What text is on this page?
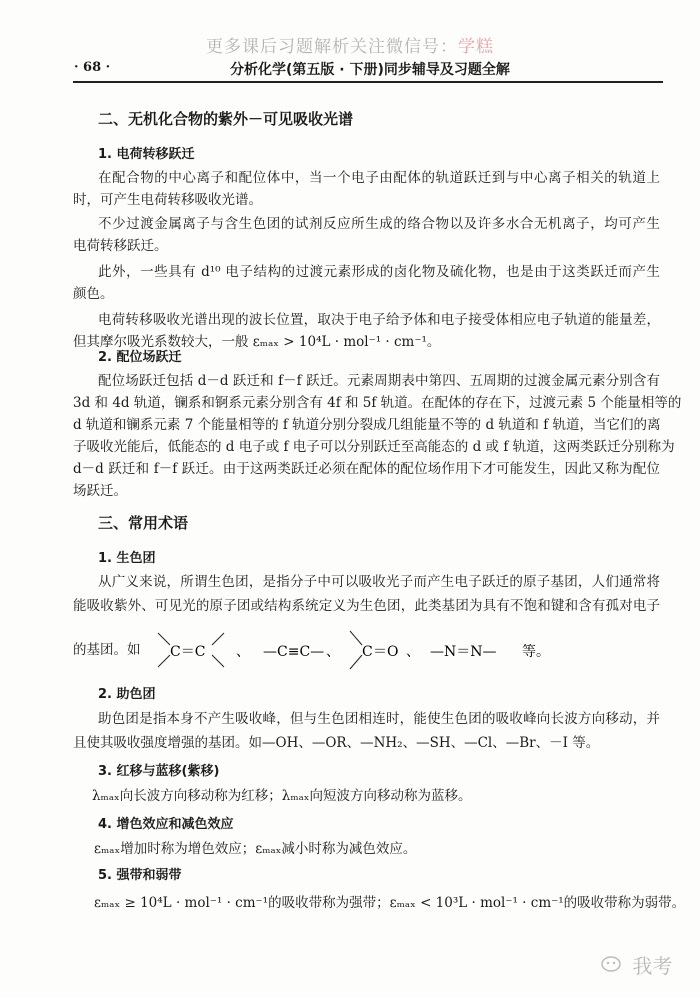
更多课后习题解析关注微信号：学糕
· 68 ·	分析化学(第五版 · 下册)同步辅导及习题全解
二、无机化合物的紫外－可见吸收光谱
1. 电荷转移跃迁
在配合物的中心离子和配位体中，当一个电子由配体的轨道跃迁到与中心离子相关的轨道上
时，可产生电荷转移吸收光谱。
不少过渡金属离子与含生色团的试剂反应所生成的络合物以及许多水合无机离子，均可产生
电荷转移跃迁。
此外，一些具有 d¹⁰ 电子结构的过渡元素形成的卤化物及硫化物，也是由于这类跃迁而产生
颜色。
电荷转移吸收光谱出现的波长位置，取决于电子给予体和电子接受体相应电子轨道的能量差，
但其摩尔吸光系数较大，一般 εₘₐₓ > 10⁴L · mol⁻¹ · cm⁻¹。
2. 配位场跃迁
配位场跃迁包括 d－d 跃迁和 f－f 跃迁。元素周期表中第四、五周期的过渡金属元素分别含有
3d 和 4d 轨道，镧系和锕系元素分别含有 4f 和 5f 轨道。在配体的存在下，过渡元素 5 个能量相等的
d 轨道和镧系元素 7 个能量相等的 f 轨道分别分裂成几组能量不等的 d 轨道和 f 轨道，当它们的离
子吸收光能后，低能态的 d 电子或 f 电子可以分别跃迁至高能态的 d 或 f 轨道，这两类跃迁分别称为
d－d 跃迁和 f－f 跃迁。由于这两类跃迁必须在配体的配位场作用下才可能发生，因此又称为配位
场跃迁。
三、常用术语
1. 生色团
从广义来说，所谓生色团，是指分子中可以吸收光子而产生电子跃迁的原子基团，人们通常将
能吸收紫外、可见光的原子团或结构系统定义为生色团，此类基团为具有不饱和键和含有孤对电子
的基团。如 C＝C 、 —C≡C— 、 C ＝O 、 —N＝N— 等。
2. 助色团
助色团是指本身不产生吸收峰，但与生色团相连时，能使生色团的吸收峰向长波方向移动，并
且使其吸收强度增强的基团。如—OH、—OR、—NH₂、—SH、—Cl、—Br、－I 等。
3. 红移与蓝移(紫移)
λₘₐₓ向长波方向移动称为红移；λₘₐₓ向短波方向移动称为蓝移。
4. 增色效应和减色效应
εₘₐₓ增加时称为增色效应；εₘₐₓ减小时称为减色效应。
5. 强带和弱带
εₘₐₓ ≥ 10⁴L · mol⁻¹ · cm⁻¹的吸收带称为强带；εₘₐₓ < 10³L · mol⁻¹ · cm⁻¹的吸收带称为弱带。
我考
